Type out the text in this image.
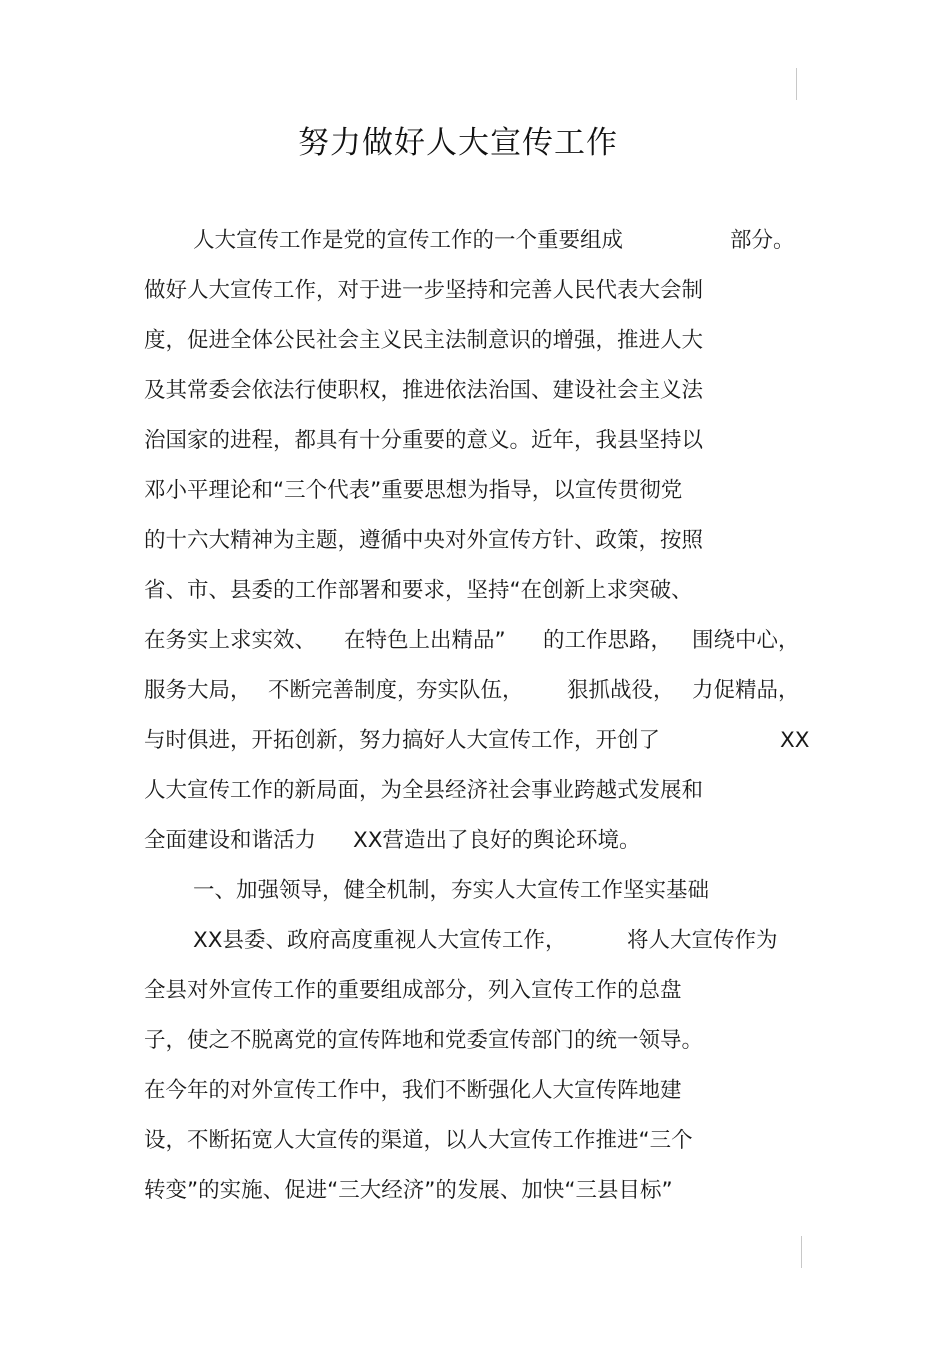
努力做好人大宣传工作
人大宣传工作是党的宣传工作的一个重要组成	部分。
做好人大宣传工作，对于进一步坚持和完善人民代表大会制
度，促进全体公民社会主义民主法制意识的增强，推进人大
及其常委会依法行使职权，推进依法治国、建设社会主义法
治国家的进程，都具有十分重要的意义。近年，我县坚持以
邓小平理论和“三个代表”重要思想为指导，以宣传贯彻党
的十六大精神为主题，遵循中央对外宣传方针、政策，按照
省、市、县委的工作部署和要求，坚持“在创新上求突破、
在务实上求实效、 在特色上出精品” 的工作思路， 围绕中心，
服务大局， 不断完善制度，
夯实队伍， 狠抓战役， 力促精品，
与时俱进，开拓创新，努力搞好人大宣传工作，开创了	XX
人大宣传工作的新局面，为全县经济社会事业跨越式发展和
全面建设和谐活力 XX营造出了良好的舆论环境。
一、加强领导，健全机制，夯实人大宣传工作坚实基础
XX县委、政府高度重视人大宣传工作，	将人大宣传作为
全县对外宣传工作的重要组成部分，列入宣传工作的总盘
子，使之不脱离党的宣传阵地和党委宣传部门的统一领导。
在今年的对外宣传工作中，我们不断强化人大宣传阵地建
设，不断拓宽人大宣传的渠道，以人大宣传工作推进“三个
转变”的实施、促进“三大经济”的发展、加快“三县目标”
